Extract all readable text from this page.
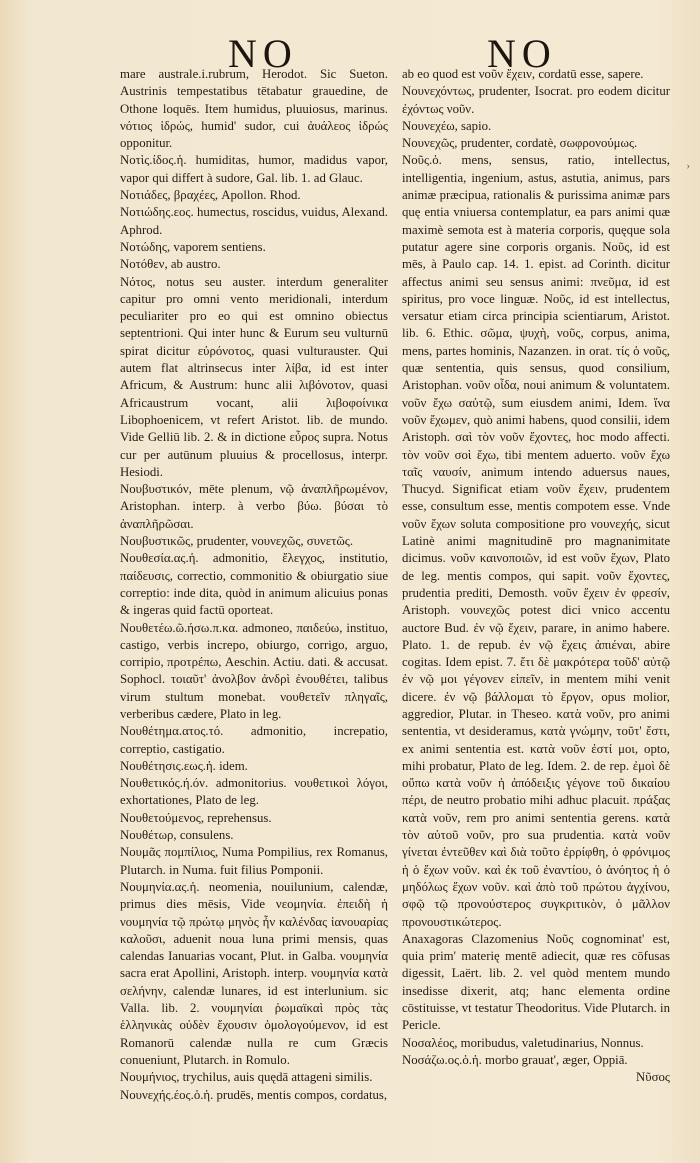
NO	NO

mare australe.i.rubrum, Herodot. Sic Sueton. Austrinis tempestatibus tētabatur grauedine, de Othone loquēs. Item humidus, pluuiosus, marinus. νότιος ἱδρώς, humid' sudor, cui ἀυάλεος ἱδρώς opponitur.

Νοτὶς.ίδος.ἡ. humiditas, humor, madidus vapor, vapor qui differt à sudore, Gal. lib. 1. ad Glauc.

Νοτιάδες, βραχέες, Apollon. Rhod.

Νοτιώδης.εος. humectus, roscidus, vuidus, Alexand. Aphrod.

Νοτώδης, vaporem sentiens.

Νοτόθεν, ab austro.

Νότος, notus seu auster. interdum generaliter capitur pro omni vento meridionali, interdum peculiariter pro eo qui est omnino obiectus septentrioni. Qui inter hunc & Eurum seu vulturnū spirat dicitur εὐρόνοτος, quasi vulturauster. Qui autem flat altrinsecus inter λίβα, id est inter Africum, & Austrum: hunc alii λιβόνοτον, quasi Africaustrum vocant, alii λιβοφοίνικα Libophoenicem, vt refert Aristot. lib. de mundo. Vide Gelliū lib. 2. & in dictione εὖρος supra. Notus cur per autūnum pluuius & procellosus, interpr. Hesiodi.

Νουβυστικόν, mēte plenum, νῷ ἀναπλῆρωμένον, Aristophan. interp. à verbo βύω. βύσαι τὸ ἀναπλῆρῶσαι.

Νουβυστικῶς, prudenter, νουνεχῶς, συνετῶς.

Νουθεσία.ας.ἡ. admonitio, ἔλεγχος, institutio, παίδευσις, correctio, commonitio & obiurgatio siue correptio: inde dita, quòd in animum alicuius ponas & ingeras quid factū oporteat.

Νουθετέω.ῶ.ήσω.π.κα. admoneo, παιδεύω, instituo, castigo, verbis increpo, obiurgo, corrigo, arguo, corripio, προτρέπω, Aeschin. Actiu. dati. & accusat. Sophocl. τοιαῦτ' ἀνολβον ἀνδρὶ ἐνουθέτει, talibus virum stultum monebat. νουθετεῖν πληγαῖς, verberibus cædere, Plato in leg.

Νουθέτημα.ατος.τό. admonitio, increpatio, correptio, castigatio.

Νουθέτησις.εως.ἡ. idem.

Νουθετικός.ή.όν. admonitorius. νουθετικοὶ λόγοι, exhortationes, Plato de leg.

Νουθετούμενος, reprehensus.

Νουθέτωρ, consulens.

Νουμᾶς πομπίλιος, Numa Pompilius, rex Romanus, Plutarch. in Numa. fuit filius Pomponii.

Νουμηνία.ας.ἡ. neomenia, nouilunium, calendæ, primus dies mēsis, Vide νεομηνία. ἐπειδὴ ἡ νουμηνία τῷ πρώτῳ μηνὸς ἦν καλένδας ἰανουαρίας καλοῦσι, aduenit noua luna primi mensis, quas calendas Ianuarias vocant, Plut. in Galba. νουμηνία sacra erat Apollini, Aristoph. interp. νουμηνία κατὰ σελήνην, calendæ lunares, id est interlunium. sic Valla. lib. 2. νουμηνίαι ῥωμαϊκαὶ πρὸς τὰς ἑλληνικὰς οὐδὲν ἔχουσιν ὁμολογούμενον, id est Romanorū calendæ nulla re cum Græcis conueniunt, Plutarch. in Romulo.

Νουμήνιος, trychilus, auis quędā attageni similis.

Νουνεχής.έος.ὁ.ἡ. prudēs, mentis compos, cordatus,

ab eo quod est νοῦν ἔχειν, cordatū esse, sapere.

Νουνεχόντως, prudenter, Isocrat. pro eodem dicitur ἐχόντως νοῦν.

Νουνεχέω, sapio.

Νουνεχῶς, prudenter, cordatè, σωφρονούμως.

Νοῦς.ὁ. mens, sensus, ratio, intellectus, intelligentia, ingenium, astus, astutia, animus, pars animæ præcipua, rationalis & purissima animæ pars quę entia vniuersa contemplatur, ea pars animi quæ maximè semota est à materia corporis, quęque sola putatur agere sine corporis organis. Νοῦς, id est mēs, à Paulo cap. 14. 1. epist. ad Corinth. dicitur affectus animi seu sensus animi: πνεῦμα, id est spiritus, pro voce linguæ. Νοῦς, id est intellectus, versatur etiam circa principia scientiarum, Aristot. lib. 6. Ethic. σῶμα, ψυχὴ, νοῦς, corpus, anima, mens, partes hominis, Nazanzen. in orat. τίς ὁ νοῦς, quæ sententia, quis sensus, quod consilium, Aristophan. νοῦν οἶδα, noui animum & voluntatem. νοῦν ἔχω σαὐτῷ, sum eiusdem animi, Idem. ἵνα νοῦν ἔχωμεν, quò animi habens, quod consilii, idem Aristoph. σαὶ τὸν νοῦν ἔχοντες, hoc modo affecti. τὸν νοῦν σοὶ ἔχω, tibi mentem aduerto. νοῦν ἔχω ταῖς ναυσίν, animum intendo aduersus naues, Thucyd. Significat etiam νοῦν ἔχειν, prudentem esse, consultum esse, mentis compotem esse. Vnde νοῦν ἔχων soluta compositione pro νουνεχής, sicut Latinè animi magnitudinē pro magnanimitate dicimus. νοῦν καινοποιῶν, id est νοῦν ἔχων, Plato de leg. mentis compos, qui sapit. νοῦν ἔχοντες, prudentia prediti, Demosth. νοῦν ἔχειν ἐν φρεσίν, Aristoph. νουνεχῶς potest dici vnico accentu auctore Bud. ἐν νῷ ἔχειν, parare, in animo habere. Plato. 1. de repub. ἐν νῷ ἔχεις ἀπιέναι, abire cogitas. Idem epist. 7. ἔτι δὲ μακρότερα τοῦδ' αὐτῷ ἐν νῷ μοι γέγονεν εἰπεῖν, in mentem mihi venit dicere. ἐν νῷ βάλλομαι τὸ ἔργον, opus molior, aggredior, Plutar. in Theseo. κατὰ νοῦν, pro animi sententia, vt desideramus, κατὰ γνώμην, τοῦτ' ἔστι, ex animi sententia est. κατὰ νοῦν ἐστί μοι, opto, mihi probatur, Plato de leg. Idem. 2. de rep. ἐμοὶ δὲ οὔπω κατὰ νοῦν ἡ ἀπόδειξις γέγονε τοῦ δικαίου πέρι, de neutro probatio mihi adhuc placuit. πράξας κατὰ νοῦν, rem pro animi sententia gerens. κατὰ τὸν αὑτοῦ νοῦν, pro sua prudentia. κατὰ νοῦν γίνεται ἐντεῦθεν καὶ διὰ τοῦτο ἐρρίφθη, ὁ φρόνιμος ἡ ὁ ἔχων νοῦν. καὶ ἐκ τοῦ ἐναντίου, ὁ ἀνόητος ἡ ὁ μηδόλως ἔχων νοῦν. καὶ ἀπὸ τοῦ πρώτου ἀγχίνου, σφῷ τῷ προνούστερος συγκριτικὸν, ὁ μᾶλλον προνουστικώτερος.

Anaxagoras Clazomenius Νοῦς cognominat' est, quia prim' materię mentē adiecit, quæ res cōfusas digessit, Laërt. lib. 2. vel quòd mentem mundo insedisse dixerit, atq; hanc elementa ordine cōstituisse, vt testatur Theodoritus. Vide Plutarch. in Pericle.

Νοσαλέος, moribudus, valetudinarius, Nonnus.

Νοσάζω.ος.ὁ.ἡ. morbo grauat', æger, Oppiā.

Νῦσος

›
